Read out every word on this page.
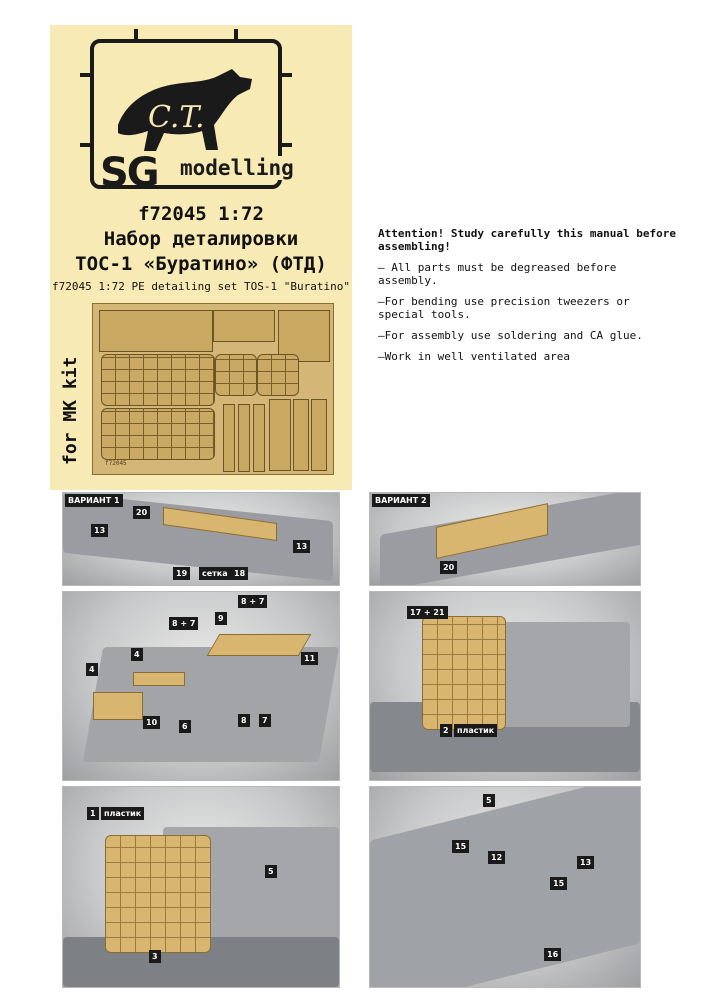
C.T.
SG modelling
f72045 1:72
Набор деталировки
ТОС-1 «Буратино» (ФТД)
f72045 1:72 PE detailing set TOS-1 "Buratino"
f72045
for MK kit
Attention! Study carefully this manual before assembling!

– All parts must be degreased before assembly.

–For bending use precision tweezers or special tools.

–For assembly use soldering and CA glue.

–Work in well ventilated area

ВАРИАНТ 1
13
20
13
19	сетка 18
ВАРИАНТ 2
20
8 + 7
8 + 7
9
4
4
11
10	6
8	7
17 + 21
2	пластик
1	пластик
5
3
5
15
12
13
15
16
